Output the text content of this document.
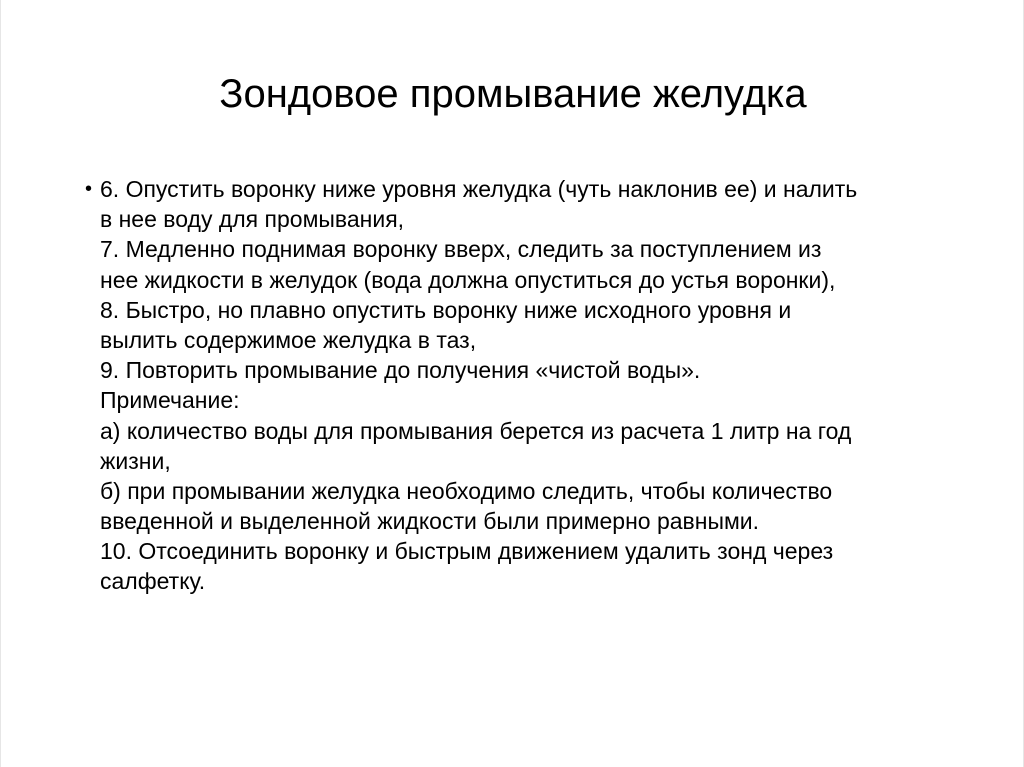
Зондовое промывание желудка
• 6. Опустить воронку ниже уровня желудка (чуть наклонив ее) и налить
в нее воду для промывания,
7. Медленно поднимая воронку вверх, следить за поступлением из
нее жидкости в желудок (вода должна опуститься до устья воронки),
8. Быстро, но плавно опустить воронку ниже исходного уровня и
вылить содержимое желудка в таз,
9. Повторить промывание до получения «чистой воды».
Примечание:
а) количество воды для промывания берется из расчета 1 литр на год
жизни,
б) при промывании желудка необходимо следить, чтобы количество
введенной и выделенной жидкости были примерно равными.
10. Отсоединить воронку и быстрым движением удалить зонд через
салфетку.
